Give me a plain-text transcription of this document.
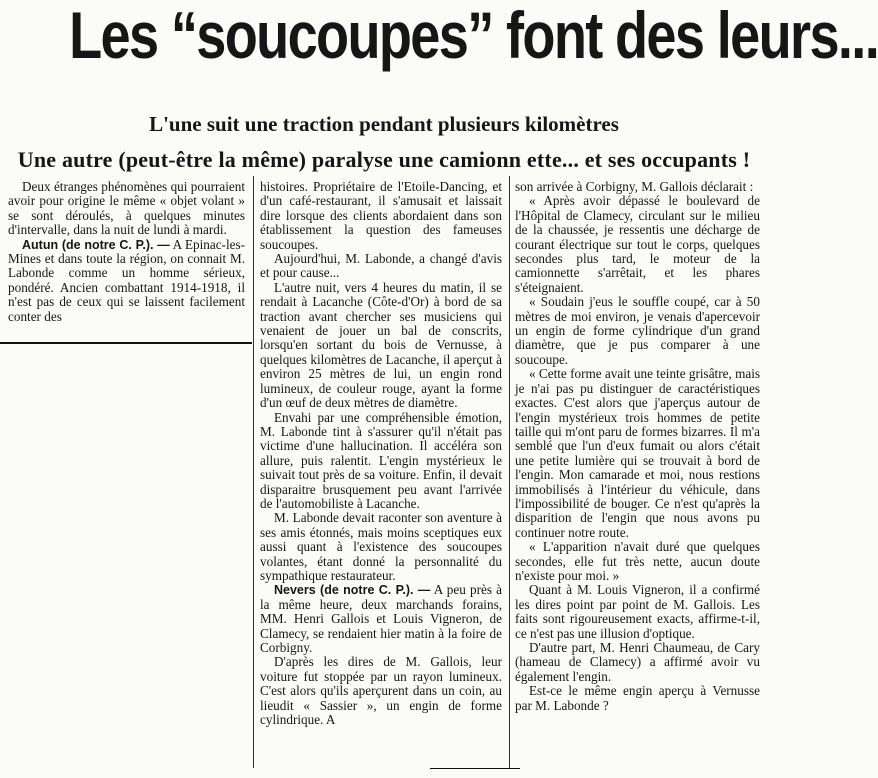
Les “soucoupes” font des leurs...
L'une suit une traction pendant plusieurs kilomètres
Une autre (peut-être la même) paralyse une camionn ette... et ses occupants !

Deux étranges phénomènes qui pourraient avoir pour origine le même « objet volant » se sont déroulés, à quelques minutes d'intervalle, dans la nuit de lundi à mardi.

Autun (de notre C. P.). — A Epinac-les-Mines et dans toute la région, on connait M. Labonde comme un homme sérieux, pondéré. Ancien combattant 1914-1918, il n'est pas de ceux qui se laissent facilement conter des

histoires. Propriétaire de l'Etoile-Dancing, et d'un café-restaurant, il s'amusait et laissait dire lorsque des clients abordaient dans son établissement la question des fameuses soucoupes.

Aujourd'hui, M. Labonde, a changé d'avis et pour cause...

L'autre nuit, vers 4 heures du matin, il se rendait à Lacanche (Côte-d'Or) à bord de sa traction avant chercher ses musiciens qui venaient de jouer un bal de conscrits, lorsqu'en sortant du bois de Vernusse, à quelques kilomètres de Lacanche, il aperçut à environ 25 mètres de lui, un engin rond lumineux, de couleur rouge, ayant la forme d'un œuf de deux mètres de diamètre.

Envahi par une compréhensible émotion, M. Labonde tint à s'assurer qu'il n'était pas victime d'une hallucination. Il accéléra son allure, puis ralentit. L'engin mystérieux le suivait tout près de sa voiture. Enfin, il devait disparaitre brusquement peu avant l'arrivée de l'automobiliste à Lacanche.

M. Labonde devait raconter son aventure à ses amis étonnés, mais moins sceptiques eux aussi quant à l'existence des soucoupes volantes, étant donné la personnalité du sympathique restaurateur.

Nevers (de notre C. P.). — A peu près à la même heure, deux marchands forains, MM. Henri Gallois et Louis Vigneron, de Clamecy, se rendaient hier matin à la foire de Corbigny.

D'après les dires de M. Gallois, leur voiture fut stoppée par un rayon lumineux. C'est alors qu'ils aperçurent dans un coin, au lieudit « Sassier », un engin de forme cylindrique. A

son arrivée à Corbigny, M. Gallois déclarait :

« Après avoir dépassé le boulevard de l'Hôpital de Clamecy, circulant sur le milieu de la chaussée, je ressentis une décharge de courant électrique sur tout le corps, quelques secondes plus tard, le moteur de la camionnette s'arrêtait, et les phares s'éteignaient.

« Soudain j'eus le souffle coupé, car à 50 mètres de moi environ, je venais d'apercevoir un engin de forme cylindrique d'un grand diamètre, que je pus comparer à une soucoupe.

« Cette forme avait une teinte grisâtre, mais je n'ai pas pu distinguer de caractéristiques exactes. C'est alors que j'aperçus autour de l'engin mystérieux trois hommes de petite taille qui m'ont paru de formes bizarres. Il m'a semblé que l'un d'eux fumait ou alors c'était une petite lumière qui se trouvait à bord de l'engin. Mon camarade et moi, nous restions immobilisés à l'intérieur du véhicule, dans l'impossibilité de bouger. Ce n'est qu'après la disparition de l'engin que nous avons pu continuer notre route.

« L'apparition n'avait duré que quelques secondes, elle fut très nette, aucun doute n'existe pour moi. »

Quant à M. Louis Vigneron, il a confirmé les dires point par point de M. Gallois. Les faits sont rigoureusement exacts, affirme-t-il, ce n'est pas une illusion d'optique.

D'autre part, M. Henri Chaumeau, de Cary (hameau de Clamecy) a affirmé avoir vu également l'engin.

Est-ce le même engin aperçu à Vernusse par M. Labonde ?
